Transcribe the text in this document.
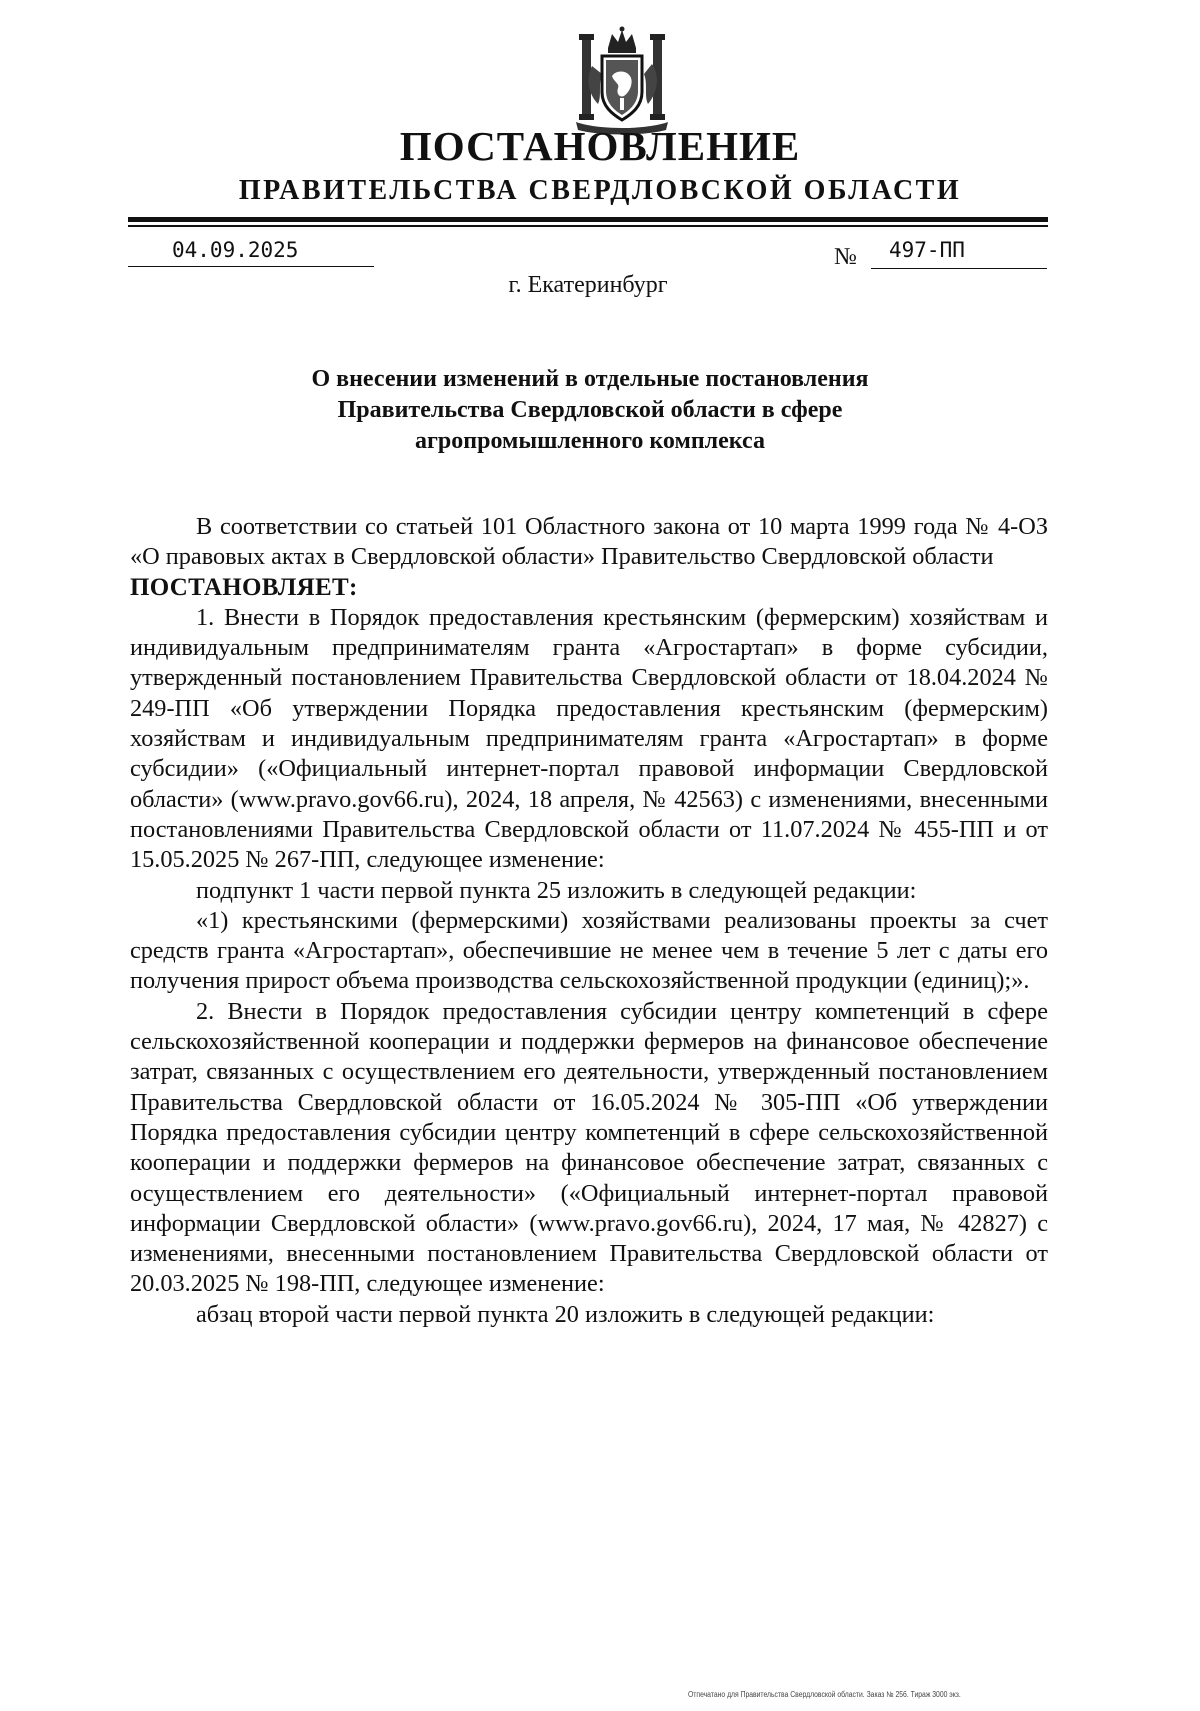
ПОСТАНОВЛЕНИЕ
ПРАВИТЕЛЬСТВА СВЕРДЛОВСКОЙ ОБЛАСТИ
04.09.2025	№ 497-ПП
г. Екатеринбург
О внесении изменений в отдельные постановления
Правительства Свердловской области в сфере
агропромышленного комплекса

В соответствии со статьей 101 Областного закона от 10 марта 1999 года № 4-ОЗ «О правовых актах в Свердловской области» Правительство Свердловской области

ПОСТАНОВЛЯЕТ:

1. Внести в Порядок предоставления крестьянским (фермерским) хозяйствам и индивидуальным предпринимателям гранта «Агростартап» в форме субсидии, утвержденный постановлением Правительства Свердловской области от 18.04.2024 № 249-ПП «Об утверждении Порядка предоставления крестьянским (фермерским) хозяйствам и индивидуальным предпринимателям гранта «Агростартап» в форме субсидии» («Официальный интернет-портал правовой информации Свердловской области» (www.pravo.gov66.ru), 2024, 18 апреля, № 42563) с изменениями, внесенными постановлениями Правительства Свердловской области от 11.07.2024 № 455-ПП и от 15.05.2025 № 267-ПП, следующее изменение:

подпункт 1 части первой пункта 25 изложить в следующей редакции:

«1) крестьянскими (фермерскими) хозяйствами реализованы проекты за счет средств гранта «Агростартап», обеспечившие не менее чем в течение 5 лет с даты его получения прирост объема производства сельскохозяйственной продукции (единиц);».

2. Внести в Порядок предоставления субсидии центру компетенций в сфере сельскохозяйственной кооперации и поддержки фермеров на финансовое обеспечение затрат, связанных с осуществлением его деятельности, утвержденный постановлением Правительства Свердловской области от 16.05.2024 № 305-ПП «Об утверждении Порядка предоставления субсидии центру компетенций в сфере сельскохозяйственной кооперации и поддержки фермеров на финансовое обеспечение затрат, связанных с осуществлением его деятельности» («Официальный интернет-портал правовой информации Свердловской области» (www.pravo.gov66.ru), 2024, 17 мая, № 42827) с изменениями, внесенными постановлением Правительства Свердловской области от 20.03.2025 № 198-ПП, следующее изменение:

абзац второй части первой пункта 20 изложить в следующей редакции:

Отпечатано для Правительства Свердловской области. Заказ № 256. Тираж 3000 экз.
